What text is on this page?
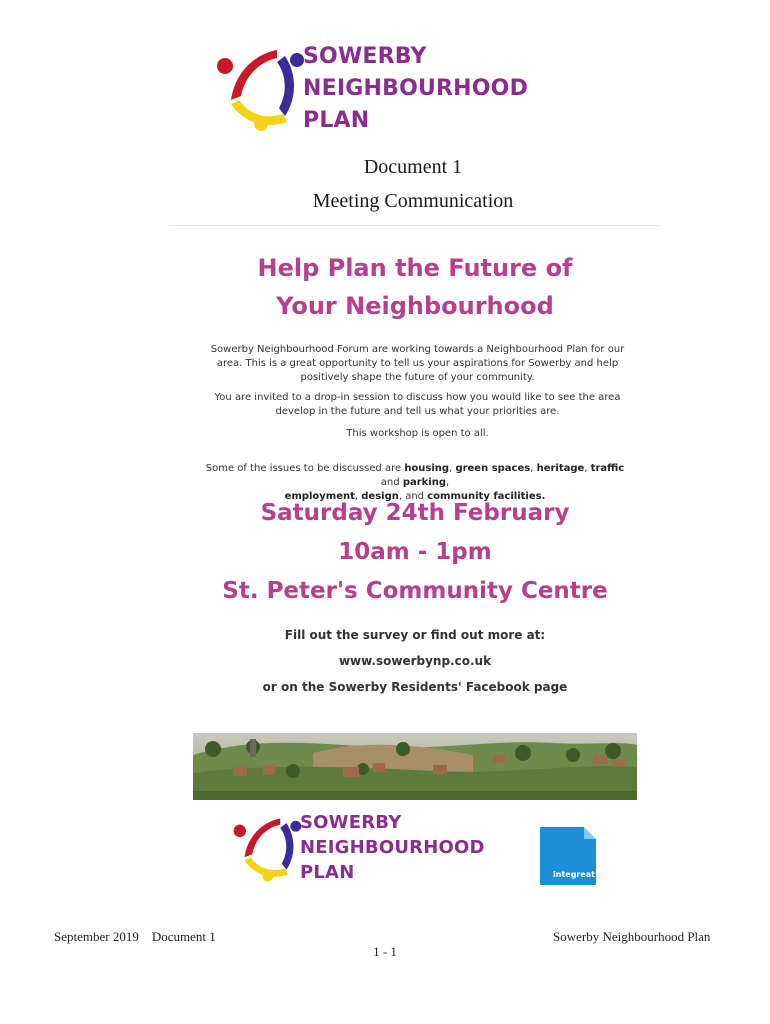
SOWERBY
NEIGHBOURHOOD
PLAN
Document 1
Meeting Communication
Help Plan the Future of
Your Neighbourhood
Sowerby Neighbourhood Forum are working towards a Neighbourhood Plan for our area. This is a great opportunity to tell us your aspirations for Sowerby and help positively shape the future of your community.
You are invited to a drop-in session to discuss how you would like to see the area develop in the future and tell us what your priorities are.
This workshop is open to all.
Some of the issues to be discussed are housing, green spaces, heritage, traffic and parking,
employment, design, and community facilities.
Saturday 24th February
10am - 1pm
St. Peter's Community Centre
Fill out the survey or find out more at:
www.sowerbynp.co.uk
or on the Sowerby Residents' Facebook page
SOWERBY
NEIGHBOURHOOD
PLAN	integreat
September 2019    Document 1	Sowerby Neighbourhood Plan
1 - 1
